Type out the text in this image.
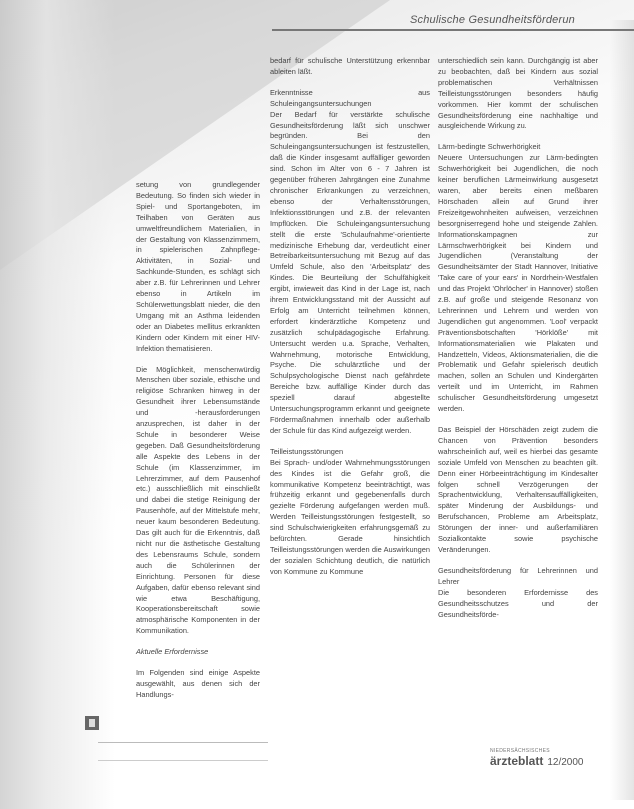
Schulische Gesundheitsförderun

setung von grundlegender Bedeutung. So finden sich wieder in Spiel- und Sportangeboten, im Teilhaben von Geräten aus umweltfreundlichem Materialien, in der Gestaltung von Klassenzimmern, in spielerischen Zahnpflege-Aktivitäten, in Sozial- und Sachkunde-Stunden, es schlägt sich aber z.B. für Lehrerinnen und Lehrer ebenso in Artikeln im Schülerwettungsblatt nieder, die den Umgang mit an Asthma leidenden oder an Diabetes mellitus erkrankten Kindern oder Kindern mit einer HIV-Infektion thematisieren.

Die Möglichkeit, menschenwürdig Menschen über soziale, ethische und religiöse Schranken hinweg in der Gesundheit ihrer Lebensumstände und -herausforderungen anzusprechen, ist daher in der Schule in besonderer Weise gegeben. Daß Gesundheitsförderung alle Aspekte des Lebens in der Schule (im Klassenzimmer, im Lehrerzimmer, auf dem Pausenhof etc.) ausschließlich mit einschließt und dabei die stetige Reinigung der Pausenhöfe, auf der Mittelstufe mehr, neuer kaum besonderen Bedeutung. Das gilt auch für die Erkenntnis, daß nicht nur die ästhetische Gestaltung des Lebensraums Schule, sondern auch die Schülerinnen der Einrichtung. Personen für diese Aufgaben, dafür ebenso relevant sind wie etwa Beschäftigung, Kooperationsbereitschaft sowie atmosphärische Komponenten in der Kommunikation.

Aktuelle Erfordernisse

Im Folgenden sind einige Aspekte ausgewählt, aus denen sich der Handlungs-

bedarf für schulische Unterstützung erkennbar ableiten läßt.

Erkenntnisse aus Schuleingangsuntersuchungen

Der Bedarf für verstärkte schulische Gesundheitsförderung läßt sich unschwer begründen. Bei den Schuleingangsuntersuchungen ist festzustellen, daß die Kinder insgesamt auffälliger geworden sind. Schon im Alter von 6 - 7 Jahren ist gegenüber früheren Jahrgängen eine Zunahme chronischer Erkrankungen zu verzeichnen, ebenso der Verhaltensstörungen, Infektionsstörungen und z.B. der relevanten Impflücken. Die Schuleingangsuntersuchung stellt die erste 'Schulaufnahme'-orientierte medizinische Erhebung dar, verdeutlicht einer Betreibarkeitsuntersuchung mit Bezug auf das Umfeld Schule, also den 'Arbeitsplatz' des Kindes. Die Beurteilung der Schulfähigkeit ergibt, inwieweit das Kind in der Lage ist, nach ihrem Entwicklungsstand mit der Aussicht auf Erfolg am Unterricht teilnehmen können, erfordert kinderärztliche Kompetenz und zusätzlich schulpädagogische Erfahrung. Untersucht werden u.a. Sprache, Verhalten, Wahrnehmung, motorische Entwicklung, Psyche. Die schulärztliche und der Schulpsychologische Dienst nach gefährdete Bereiche bzw. auffällige Kinder durch das speziell darauf abgestellte Untersuchungsprogramm erkannt und geeignete Fördermaßnahmen innerhalb oder außerhalb der Schule für das Kind aufgezeigt werden.

Teilleistungsstörungen

Bei Sprach- und/oder Wahrnehmungsstörungen des Kindes ist die Gefahr groß, die kommunikative Kompetenz beeinträchtigt, was frühzeitig erkannt und gegebenenfalls durch gezielte Förderung aufgefangen werden muß. Werden Teilleistungsstörungen festgestellt, so sind Schulschwierigkeiten erfahrungsgemäß zu befürchten. Gerade hinsichtlich Teilleistungsstörungen werden die Auswirkungen der sozialen Schichtung deutlich, die natürlich von Kommune zu Kommune

unterschiedlich sein kann. Durchgängig ist aber zu beobachten, daß bei Kindern aus sozial problematischen Verhältnissen Teilleistungsstörungen besonders häufig vorkommen. Hier kommt der schulischen Gesundheitsförderung eine nachhaltige und ausgleichende Wirkung zu.

Lärm-bedingte Schwerhörigkeit

Neuere Untersuchungen zur Lärm-bedingten Schwerhörigkeit bei Jugendlichen, die noch keiner beruflichen Lärmeinwirkung ausgesetzt waren, aber bereits einen meßbaren Hörschaden allein auf Grund ihrer Freizeitgewohnheiten aufweisen, verzeichnen besorgniserregend hohe und steigende Zahlen. Informationskampagnen zur Lärmschwerhörigkeit bei Kindern und Jugendlichen (Veranstaltung der Gesundheitsämter der Stadt Hannover, Initiative 'Take care of your ears' in Nordrhein-Westfalen und das Projekt 'Ohrlöcher' in Hannover) stoßen z.B. auf große und steigende Resonanz von Lehrerinnen und Lehrern und werden von Jugendlichen gut angenommen. 'Lool' verpackt Präventionsbotschaften 'Hörklöße' mit Informationsmaterialien wie Plakaten und Handzetteln, Videos, Aktionsmaterialien, die die Problematik und Gefahr spielerisch deutlich machen, sollen an Schulen und Kindergärten verteilt und im Unterricht, im Rahmen schulischer Gesundheitsförderung umgesetzt werden.

Das Beispiel der Hörschäden zeigt zudem die Chancen von Prävention besonders wahrscheinlich auf, weil es hierbei das gesamte soziale Umfeld von Menschen zu beachten gilt. Denn einer Hörbeeinträchtigung im Kindesalter folgen schnell Verzögerungen der Sprachentwicklung, Verhaltensauffälligkeiten, später Minderung der Ausbildungs- und Berufschancen, Probleme am Arbeitsplatz, Störungen der inner- und außerfamiliären Sozialkontakte sowie psychische Veränderungen.

Gesundheitsförderung für Lehrerinnen und Lehrer

Die besonderen Erfordernisse des Gesundheitsschutzes und der Gesundheitsförde-

NIEDERSÄCHSISCHES
ärzteblatt 12/2000
